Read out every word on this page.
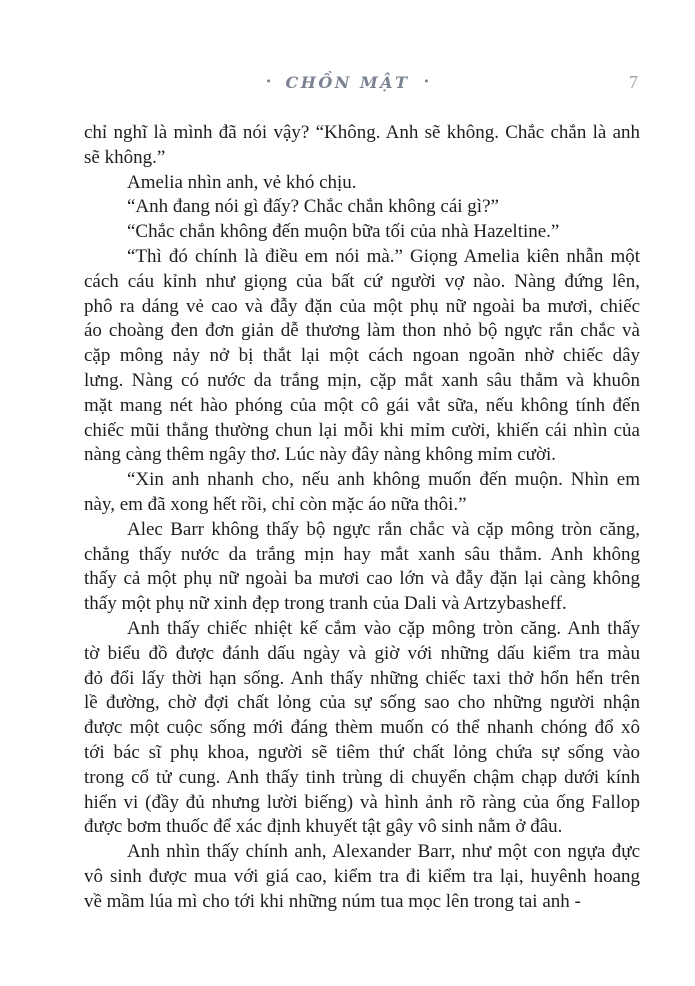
· CHỒN MẬT ·	7

chỉ nghĩ là mình đã nói vậy? “Không. Anh sẽ không. Chắc chắn là anh
sẽ không.”

Amelia nhìn anh, vẻ khó chịu.

“Anh đang nói gì đấy? Chắc chắn không cái gì?”

“Chắc chắn không đến muộn bữa tối của nhà Hazeltine.”

“Thì đó chính là điều em nói mà.” Giọng Amelia kiên nhẫn một
cách cáu kỉnh như giọng của bất cứ người vợ nào. Nàng đứng lên,
phô ra dáng vẻ cao và đẫy đặn của một phụ nữ ngoài ba mươi, chiếc
áo choàng đen đơn giản dễ thương làm thon nhỏ bộ ngực rắn chắc và
cặp mông nảy nở bị thắt lại một cách ngoan ngoãn nhờ chiếc dây
lưng. Nàng có nước da trắng mịn, cặp mắt xanh sâu thẳm và khuôn
mặt mang nét hào phóng của một cô gái vắt sữa, nếu không tính đến
chiếc mũi thẳng thường chun lại mỗi khi mỉm cười, khiến cái nhìn của
nàng càng thêm ngây thơ. Lúc này đây nàng không mỉm cười.

“Xin anh nhanh cho, nếu anh không muốn đến muộn. Nhìn em
này, em đã xong hết rồi, chỉ còn mặc áo nữa thôi.”

Alec Barr không thấy bộ ngực rắn chắc và cặp mông tròn căng,
chẳng thấy nước da trắng mịn hay mắt xanh sâu thẳm. Anh không
thấy cả một phụ nữ ngoài ba mươi cao lớn và đẫy đặn lại càng không
thấy một phụ nữ xinh đẹp trong tranh của Dali và Artzybasheff.

Anh thấy chiếc nhiệt kế cắm vào cặp mông tròn căng. Anh thấy
tờ biểu đồ được đánh dấu ngày và giờ với những dấu kiểm tra màu
đỏ đổi lấy thời hạn sống. Anh thấy những chiếc taxi thở hổn hển trên
lề đường, chờ đợi chất lỏng của sự sống sao cho những người nhận
được một cuộc sống mới đáng thèm muốn có thể nhanh chóng đổ xô
tới bác sĩ phụ khoa, người sẽ tiêm thứ chất lỏng chứa sự sống vào
trong cổ tử cung. Anh thấy tinh trùng di chuyển chậm chạp dưới kính
hiển vi (đầy đủ nhưng lười biếng) và hình ảnh rõ ràng của ống Fallop
được bơm thuốc để xác định khuyết tật gây vô sinh nằm ở đâu.

Anh nhìn thấy chính anh, Alexander Barr, như một con ngựa đực
vô sinh được mua với giá cao, kiểm tra đi kiểm tra lại, huyênh hoang
về mầm lúa mì cho tới khi những núm tua mọc lên trong tai anh -
